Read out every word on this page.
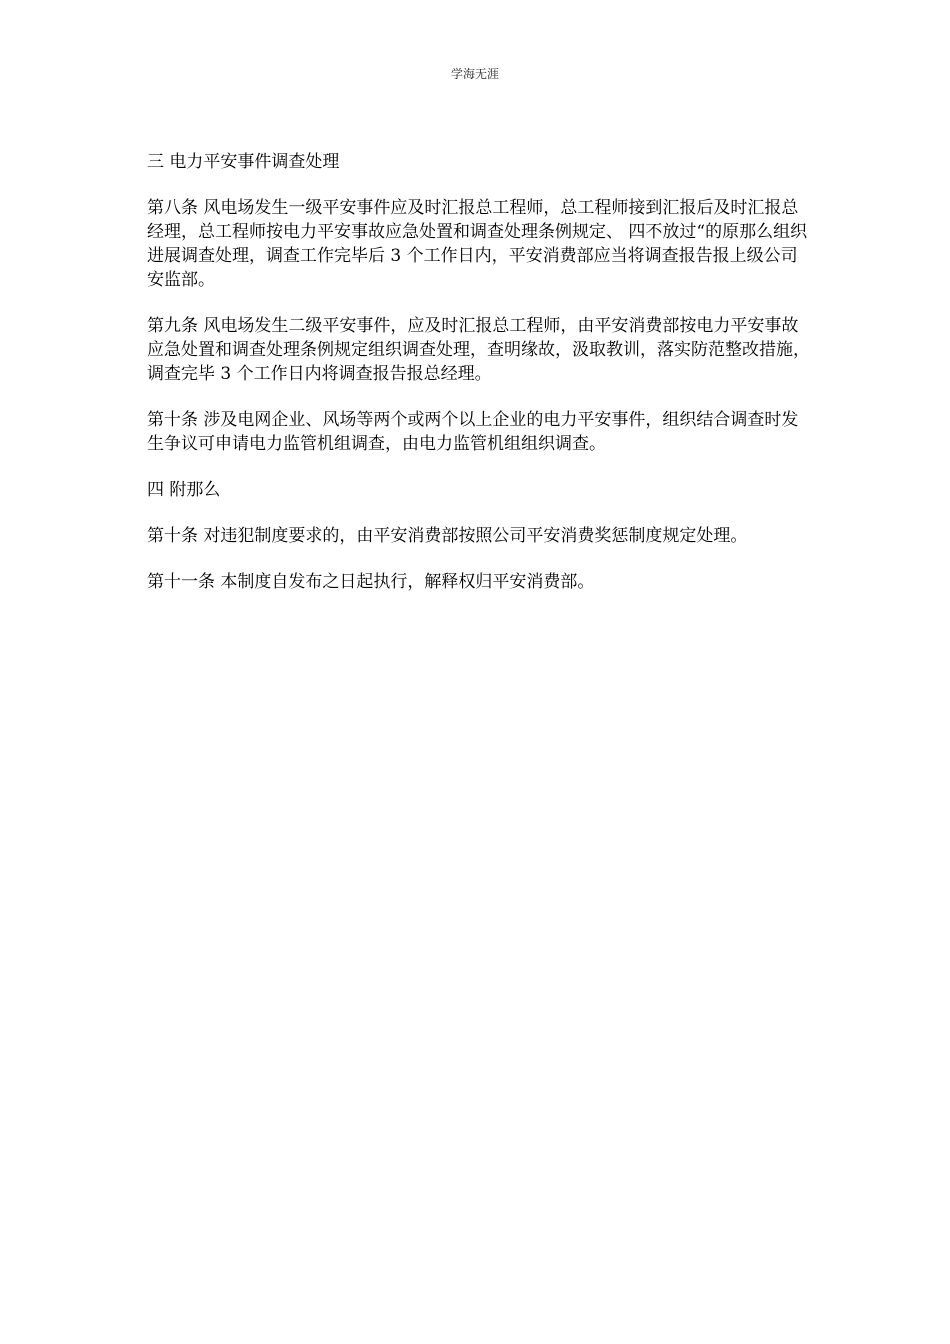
学海无涯
三 电力平安事件调查处理

第八条 风电场发生一级平安事件应及时汇报总工程师，总工程师接到汇报后及时汇报总经理，总工程师按电力平安事故应急处置和调查处理条例规定、 四不放过“的原那么组织进展调查处理，调查工作完毕后 3 个工作日内，平安消费部应当将调查报告报上级公司安监部。

第九条 风电场发生二级平安事件，应及时汇报总工程师，由平安消费部按电力平安事故应急处置和调查处理条例规定组织调查处理，查明缘故，汲取教训，落实防范整改措施，调查完毕 3 个工作日内将调查报告报总经理。

第十条 涉及电网企业、风场等两个或两个以上企业的电力平安事件，组织结合调查时发生争议可申请电力监管机组调查，由电力监管机组组织调查。

四 附那么

第十条 对违犯制度要求的，由平安消费部按照公司平安消费奖惩制度规定处理。

第十一条 本制度自发布之日起执行，解释权归平安消费部。
